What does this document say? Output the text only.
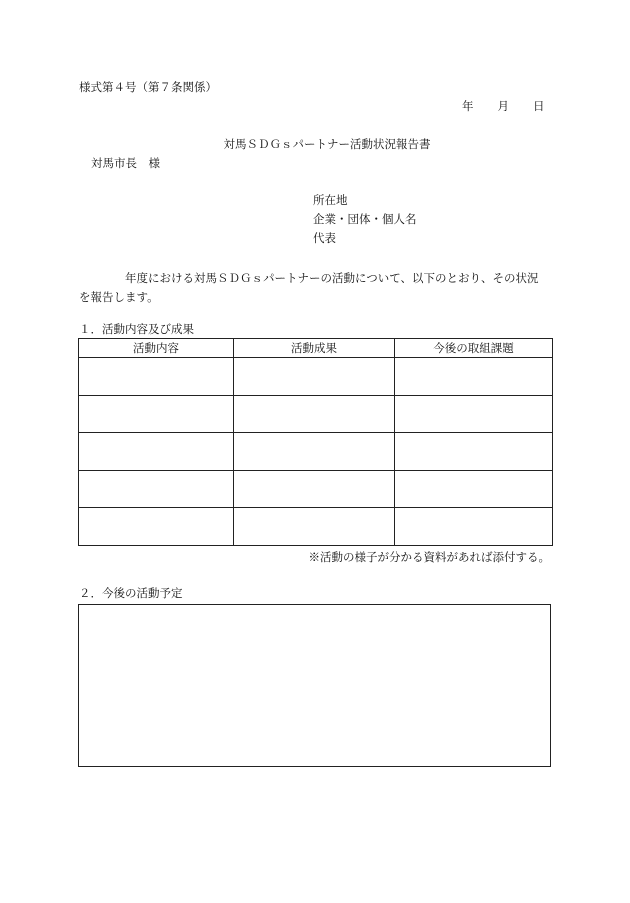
様式第４号（第７条関係）
年 月 日
対馬ＳＤＧｓパートナー活動状況報告書
対馬市長　様
所在地
企業・団体・個人名
代表

年度における対馬ＳＤＧｓパートナーの活動について、以下のとおり、その状況

を報告します。

１．活動内容及び成果
活動内容	活動成果	今後の取組課題

※活動の様子が分かる資料があれば添付する。
２．今後の活動予定
